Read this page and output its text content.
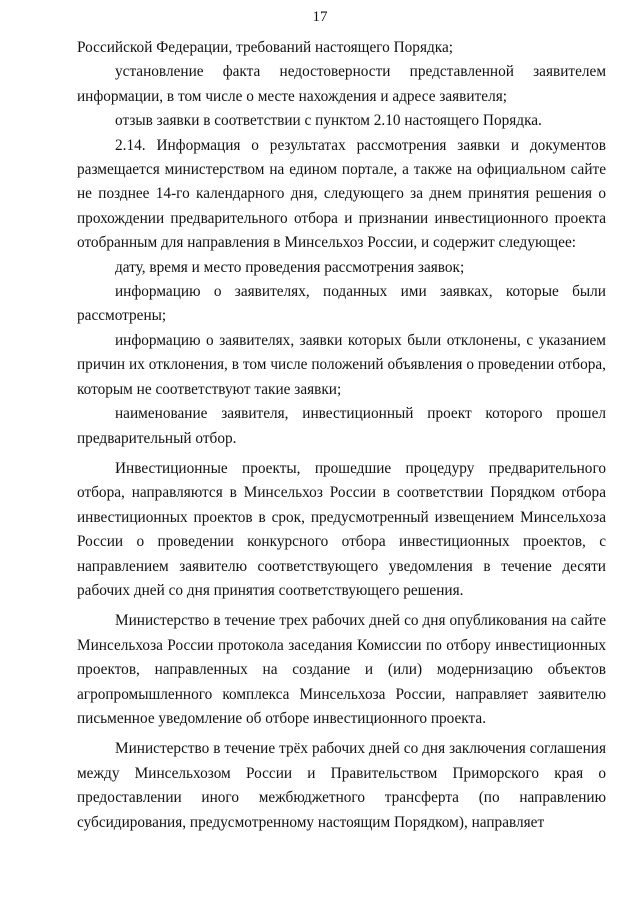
17

Российской Федерации, требований настоящего Порядка;

установление факта недостоверности представленной заявителем информации, в том числе о месте нахождения и адресе заявителя;

отзыв заявки в соответствии с пунктом 2.10 настоящего Порядка.

2.14. Информация о результатах рассмотрения заявки и документов размещается министерством на едином портале, а также на официальном сайте не позднее 14-го календарного дня, следующего за днем принятия решения о прохождении предварительного отбора и признании инвестиционного проекта отобранным для направления в Минсельхоз России, и содержит следующее:

дату, время и место проведения рассмотрения заявок;

информацию о заявителях, поданных ими заявках, которые были рассмотрены;

информацию о заявителях, заявки которых были отклонены, с указанием причин их отклонения, в том числе положений объявления о проведении отбора, которым не соответствуют такие заявки;

наименование заявителя, инвестиционный проект которого прошел предварительный отбор.

Инвестиционные проекты, прошедшие процедуру предварительного отбора, направляются в Минсельхоз России в соответствии Порядком отбора инвестиционных проектов в срок, предусмотренный извещением Минсельхоза России о проведении конкурсного отбора инвестиционных проектов, с направлением заявителю соответствующего уведомления в течение десяти рабочих дней со дня принятия соответствующего решения.

Министерство в течение трех рабочих дней со дня опубликования на сайте Минсельхоза России протокола заседания Комиссии по отбору инвестиционных проектов, направленных на создание и (или) модернизацию объектов агропромышленного комплекса Минсельхоза России, направляет заявителю письменное уведомление об отборе инвестиционного проекта.

Министерство в течение трёх рабочих дней со дня заключения соглашения между Минсельхозом России и Правительством Приморского края о предоставлении иного межбюджетного трансферта (по направлению субсидирования, предусмотренному настоящим Порядком), направляет
